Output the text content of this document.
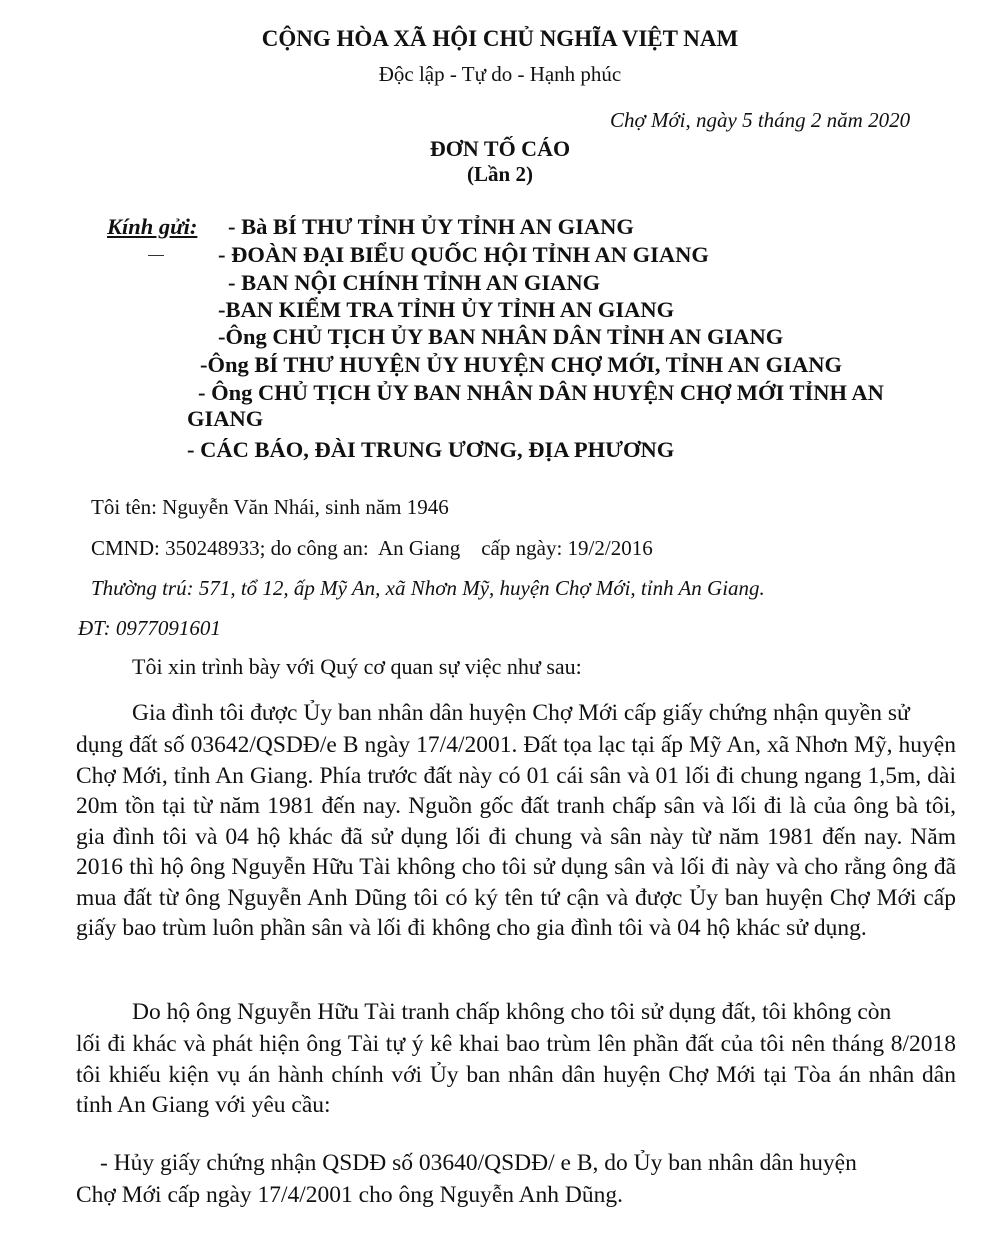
CỘNG HÒA XÃ HỘI CHỦ NGHĨA VIỆT NAM
Độc lập - Tự do - Hạnh phúc
Chợ Mới, ngày 5 tháng 2 năm 2020
ĐƠN TỐ CÁO
(Lần 2)
Kính gửi: - Bà BÍ THƯ TỈNH ỦY TỈNH AN GIANG
- ĐOÀN ĐẠI BIỂU QUỐC HỘI TỈNH AN GIANG
- BAN NỘI CHÍNH TỈNH AN GIANG
-BAN KIỂM TRA TỈNH ỦY TỈNH AN GIANG
-Ông CHỦ TỊCH ỦY BAN NHÂN DÂN TỈNH AN GIANG
-Ông BÍ THƯ HUYỆN ỦY HUYỆN CHỢ MỚI, TỈNH AN GIANG
- Ông CHỦ TỊCH ỦY BAN NHÂN DÂN HUYỆN CHỢ MỚI TỈNH AN
GIANG
- CÁC BÁO, ĐÀI TRUNG ƯƠNG, ĐỊA PHƯƠNG
Tôi tên: Nguyễn Văn Nhái, sinh năm 1946
CMND: 350248933; do công an:  An Giang    cấp ngày: 19/2/2016
Thường trú: 571, tổ 12, ấp Mỹ An, xã Nhơn Mỹ, huyện Chợ Mới, tỉnh An Giang.
ĐT: 0977091601
Tôi xin trình bày với Quý cơ quan sự việc như sau:
Gia đình tôi được Ủy ban nhân dân huyện Chợ Mới cấp giấy chứng nhận quyền sử
dụng đất số 03642/QSDĐ/e B ngày 17/4/2001. Đất tọa lạc tại ấp Mỹ An, xã Nhơn Mỹ, huyện Chợ Mới, tỉnh An Giang. Phía trước đất này có 01 cái sân và 01 lối đi chung ngang 1,5m, dài 20m tồn tại từ năm 1981 đến nay. Nguồn gốc đất tranh chấp sân và lối đi là của ông bà tôi, gia đình tôi và 04 hộ khác đã sử dụng lối đi chung và sân này từ năm 1981 đến nay. Năm 2016 thì hộ ông Nguyễn Hữu Tài không cho tôi sử dụng sân và lối đi này và cho rằng ông đã mua đất từ ông Nguyễn Anh Dũng tôi có ký tên tứ cận và được Ủy ban huyện Chợ Mới cấp giấy bao trùm luôn phần sân và lối đi không cho gia đình tôi và 04 hộ khác sử dụng.
Do hộ ông Nguyễn Hữu Tài tranh chấp không cho tôi sử dụng đất, tôi không còn
lối đi khác và phát hiện ông Tài tự ý kê khai bao trùm lên phần đất của tôi nên tháng 8/2018 tôi khiếu kiện vụ án hành chính với Ủy ban nhân dân huyện Chợ Mới tại Tòa án nhân dân tỉnh An Giang với yêu cầu:
- Hủy giấy chứng nhận QSDĐ số 03640/QSDĐ/ e B, do Ủy ban nhân dân huyện
Chợ Mới cấp ngày 17/4/2001 cho ông Nguyễn Anh Dũng.
